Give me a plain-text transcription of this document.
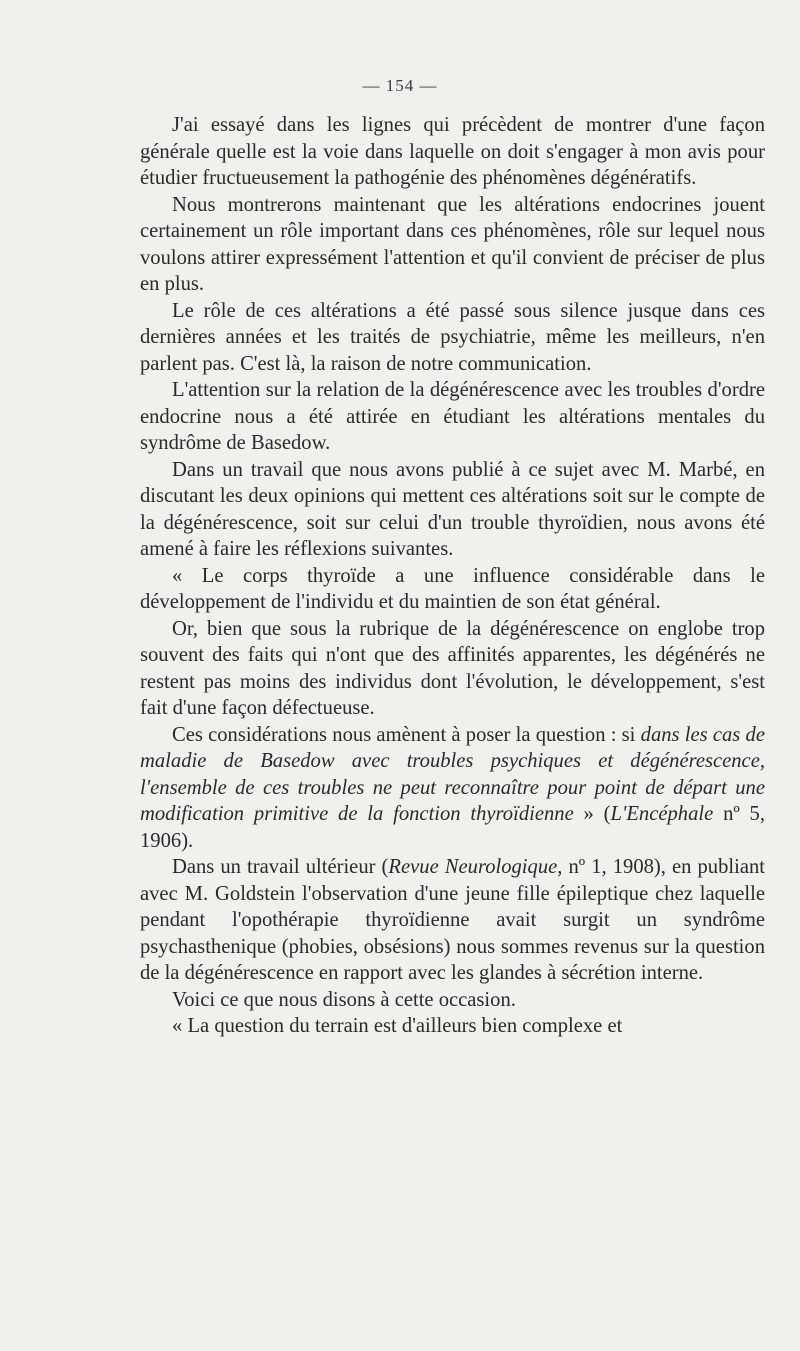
— 154 —

J'ai essayé dans les lignes qui précèdent de montrer d'une façon générale quelle est la voie dans laquelle on doit s'engager à mon avis pour étudier fructueusement la pathogénie des phénomènes dégénératifs.

Nous montrerons maintenant que les altérations endocrines jouent certainement un rôle important dans ces phénomènes, rôle sur lequel nous voulons attirer expressément l'attention et qu'il convient de préciser de plus en plus.

Le rôle de ces altérations a été passé sous silence jusque dans ces dernières années et les traités de psychiatrie, même les meilleurs, n'en parlent pas. C'est là, la raison de notre communication.

L'attention sur la relation de la dégénérescence avec les troubles d'ordre endocrine nous a été attirée en étudiant les altérations mentales du syndrôme de Basedow.

Dans un travail que nous avons publié à ce sujet avec M. Marbé, en discutant les deux opinions qui mettent ces altérations soit sur le compte de la dégénérescence, soit sur celui d'un trouble thyroïdien, nous avons été amené à faire les réflexions suivantes.

« Le corps thyroïde a une influence considérable dans le développement de l'individu et du maintien de son état général.

Or, bien que sous la rubrique de la dégénérescence on englobe trop souvent des faits qui n'ont que des affinités apparentes, les dégénérés ne restent pas moins des individus dont l'évolution, le développement, s'est fait d'une façon défectueuse.

Ces considérations nous amènent à poser la question : si dans les cas de maladie de Basedow avec troubles psychiques et dégénérescence, l'ensemble de ces troubles ne peut reconnaître pour point de départ une modification primitive de la fonction thyroïdienne » (L'Encéphale nº 5, 1906).

Dans un travail ultérieur (Revue Neurologique, nº 1, 1908), en publiant avec M. Goldstein l'observation d'une jeune fille épileptique chez laquelle pendant l'opothérapie thyroïdienne avait surgit un syndrôme psychasthenique (phobies, obsésions) nous sommes revenus sur la question de la dégénérescence en rapport avec les glandes à sécrétion interne.

Voici ce que nous disons à cette occasion.

« La question du terrain est d'ailleurs bien complexe et
